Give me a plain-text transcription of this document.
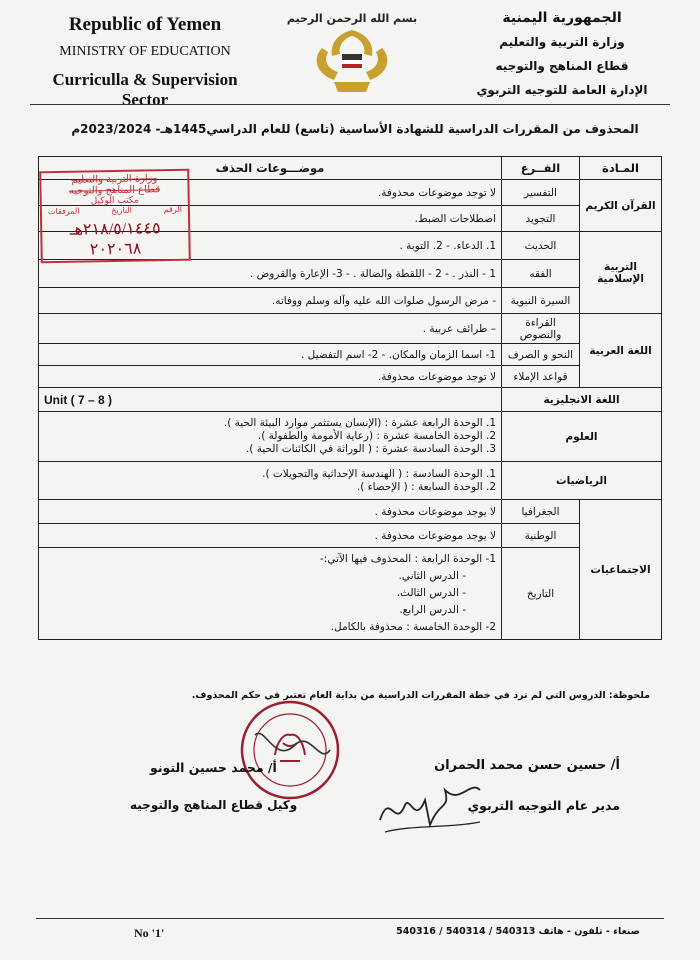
Republic of Yemen
MINISTRY OF EDUCATION
Curriculla & Supervision Sector
بسم الله الرحمن الرحيم	الجمهورية اليمنية
وزارة التربية والتعليم
قطاع المناهج والتوجيه
الإدارة العامة للتوجيه التربوي
المحذوف من المقررات الدراسية للشهادة الأساسية (تاسع) للعام الدراسي1445هـ- 2023/2024م
المـادة	الفــرع	موضـــوعات الحذف
القرآن الكريم	التفسير	لا توجد موضوعات محذوفة.
	التجويد	اصطلاحات الضبط.
التربية الإسلامية	الحديث	1. الدعاء. - 2. التوبة .
	الفقه	1 - النذر . - 2 - اللقطة والضالة . - 3- الإعارة والقروض .
	السيرة النبوية	- مرض الرسول صلوات الله عليه وآله وسلم ووفاته.
اللغة العربية	القراءة والنصوص	– طرائف عربية .
	النحو و الصرف	1- اسما الزمان والمكان. - 2- اسم التفضيل .
	قواعد الإملاء	لا توجد موضوعات محذوفة.
اللغة الانجليزية		Unit ( 7 – 8 )
العلوم		1. الوحدة الرابعة عشرة : (الإنسان يستثمر موارد البيئة الحية ).
2. الوحدة الخامسة عشرة : (رعاية الأمومة والطفولة ).
3. الوحدة السادسة عشرة : ( الوراثة في الكائنات الحية ).

الرياضيات		1. الوحدة السادسة : ( الهندسة الإحداثية والتحويلات ).
2. الوحدة السابعة : ( الإحصاء ).

الاجتماعيات	الجغرافيا	لا يوجد موضوعات محذوفة .
	الوطنية	لا يوجد موضوعات محذوفة .
	التاريخ	1- الوحدة الرابعة : المحذوف فيها الآتي:-
- الدرس الثاني.
- الدرس الثالث.
- الدرس الرابع.
2- الوحدة الخامسة : محذوفة بالكامل.
وزارة التربية والتعليم
قطاع المناهج والتوجيه
مكتب الوكيل
الرقم
التاريخ
المرفقات
٢١٨/٥/١٤٤٥هـ ٢٠٢٠٦٨
ملحوظة: الدروس التي لم ترد في خطة المقررات الدراسية من بداية العام تعتبر في حكم المحذوف.
أ/ حسين حسن محمد الحمران
مدير عام التوجيه التربوي
أ/ محمد حسين التونو
وكيل قطاع المناهج والتوجيه
No '1'	صنعاء - تلفون - هاتف 540313 / 540314 / 540316
